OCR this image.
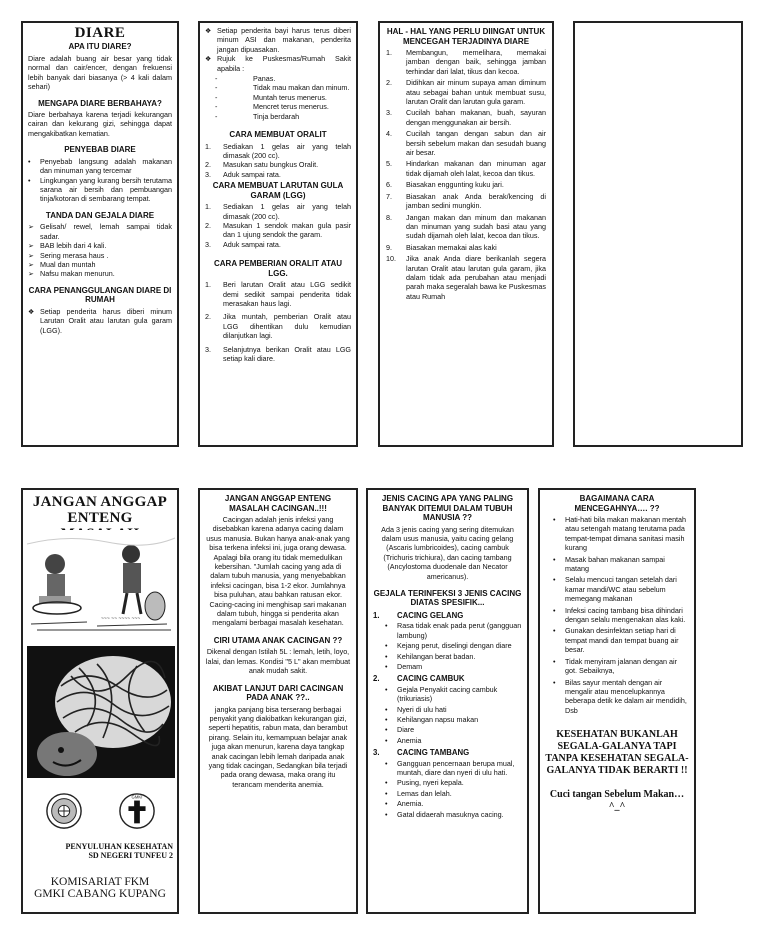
DIARE
APA ITU DIARE?
Diare adalah buang air besar yang tidak normal dan cair/encer, dengan frekuensi lebih banyak dari biasanya (> 4 kali dalam sehari)
MENGAPA DIARE BERBAHAYA?
Diare berbahaya karena terjadi kekurangan cairan dan kekurang gizi, sehingga dapat mengakibatkan kematian.
PENYEBAB DIARE
•	Penyebab langsung adalah makanan dan minuman yang tercemar
•	Lingkungan yang kurang bersih terutama sarana air bersih dan pembuangan tinja/kotoran di sembarang tempat.
TANDA DAN GEJALA DIARE
➢ Gelisah/ rewel, lemah sampai tidak sadar.
➢ BAB lebih dari 4 kali.
➢ Sering merasa haus .
➢ Mual dan muntah
➢ Nafsu makan menurun.
CARA PENANGGULANGAN DIARE DI RUMAH
❖ Setiap penderita harus diberi minum Larutan Oralit atau larutan gula garam (LGG).
❖ Setiap penderita bayi harus terus diberi minum ASI dan makanan, penderita jangan dipuasakan.
❖ Rujuk ke Puskesmas/Rumah Sakit apabila :
-	Panas.
-	Tidak mau makan dan minum.
-	Muntah terus menerus.
-	Mencret terus menerus.
-	Tinja berdarah
CARA MEMBUAT ORALIT
1.	Sediakan 1 gelas air yang telah dimasak (200 cc).
2.	Masukan satu bungkus Oralit.
3.	Aduk sampai rata.
CARA MEMBUAT LARUTAN GULA GARAM (LGG)
1.	Sediakan 1 gelas air yang telah dimasak (200 cc).
2.	Masukan 1 sendok makan gula pasir dan 1 ujung sendok the garam.
3.	Aduk sampai rata.
CARA PEMBERIAN ORALIT ATAU LGG.
1.	Beri larutan Oralit atau LGG sedikit demi sedikit sampai penderita tidak merasakan haus lagi.
2.	Jika muntah, pemberian Oralit atau LGG dihentikan dulu kemudian dilanjutkan lagi.
3.	Selanjutnya berikan Oralit atau LGG setiap kali diare.
HAL - HAL YANG PERLU DIINGAT UNTUK MENCEGAH TERJADINYA DIARE
1.	Membangun, memelihara, memakai jamban dengan baik, sehingga jamban terhindar dari lalat, tikus dan kecoa.
2.	Didihkan air minum supaya aman diminum atau sebagai bahan untuk membuat susu, larutan Oralit dan larutan gula garam.
3.	Cucilah bahan makanan, buah, sayuran dengan menggunakan air bersih.
4.	Cucilah tangan dengan sabun dan air bersih sebelum makan dan sesudah buang air besar.
5.	Hindarkan makanan dan minuman agar tidak dijamah oleh lalat, kecoa dan tikus.
6.	Biasakan enggunting kuku jari.
7.	Biasakan anak Anda berak/kencing di jamban sedini mungkin.
8.	Jangan makan dan minum dan makanan dan minuman yang sudah basi atau yang sudah dijamah oleh lalat, kecoa dan tikus.
9.	Biasakan memakai alas kaki
10.	Jika anak Anda diare berikanlah segera larutan Oralit atau larutan gula garam, jika dalam tidak ada perubahan atau menjadi parah maka segeralah bawa ke Puskesmas atau Rumah
JANGAN ANGGAP ENTENG
~~~ ~~ ~~~~ ~~~
GMKI
PENYULUHAN KESEHATAN
SD NEGERI TUNFEU 2
KOMISARIAT FKM
GMKI CABANG KUPANG
JANGAN ANGGAP ENTENG MASALAH CACINGAN..!!!
Cacingan adalah jenis infeksi yang disebabkan karena adanya cacing dalam usus manusia. Bukan hanya anak-anak yang bisa terkena infeksi ini, juga orang dewasa. Apalagi bila orang itu tidak memedulikan kebersihan. "Jumlah cacing yang ada di dalam tubuh manusia, yang menyebabkan infeksi cacingan, bisa 1-2 ekor. Jumlahnya bisa puluhan, atau bahkan ratusan ekor. Cacing-cacing ini menghisap sari makanan dalam tubuh, hingga si penderita akan mengalami berbagai masalah kesehatan.
CIRI UTAMA ANAK CACINGAN ??
Dikenal dengan Istilah 5L : lemah, letih, loyo, lalai, dan lemas. Kondisi "5 L" akan membuat anak mudah sakit.
AKIBAT LANJUT DARI CACINGAN PADA ANAK ??..
jangka panjang bisa terserang berbagai penyakit yang diakibatkan kekurangan gizi, seperti hepatitis, rabun mata, dan berambut pirang. Selain itu, kemampuan belajar anak juga akan menurun, karena daya tangkap anak cacingan lebih lemah daripada anak yang tidak cacingan, Sedangkan bila terjadi pada orang dewasa, maka orang itu terancam menderita anemia.
JENIS CACING APA YANG PALING BANYAK DITEMUI DALAM TUBUH MANUSIA ??
Ada 3 jenis cacing yang sering ditemukan dalam usus manusia, yaitu cacing gelang (Ascaris lumbricoides), cacing cambuk (Trichuris trichiura), dan cacing tambang (Ancylostoma duodenale dan Necator americanus).
GEJALA TERINFEKSI 3 JENIS CACING DIATAS SPESIFIK...
1.	CACING GELANG
•	Rasa tidak enak pada perut (gangguan lambung)
•	Kejang perut, diselingi dengan diare
•	Kehilangan berat badan.
•	Demam
2.	CACING CAMBUK
•	Gejala Penyakit cacing cambuk (trikuriasis)
•	Nyeri di ulu hati
•	Kehilangan napsu makan
•	Diare
•	Anemia
3.	CACING TAMBANG
•	Gangguan pencernaan berupa mual, muntah, diare dan nyeri di ulu hati.
•	Pusing, nyeri kepala.
•	Lemas dan lelah.
•	Anemia.
•	Gatal didaerah masuknya cacing.
BAGAIMANA CARA MENCEGAHNYA…. ??
•	Hati-hati bila makan makanan mentah atau setengah matang terutama pada tempat-tempat dimana sanitasi masih kurang
•	Masak bahan makanan sampai matang
•	Selalu mencuci tangan setelah dari kamar mandi/WC atau sebelum memegang makanan
•	Infeksi cacing tambang bisa dihindari dengan selalu mengenakan alas kaki.
•	Gunakan desinfektan setiap hari di tempat mandi dan tempat buang air besar.
•	Tidak menyiram jalanan dengan air got. Sebaiknya,
•	Bilas sayur mentah dengan air mengalir atau mencelupkannya beberapa detik ke dalam air mendidih, Dsb
KESEHATAN BUKANLAH SEGALA-GALANYA TAPI TANPA KESEHATAN SEGALA-GALANYA TIDAK BERARTI !!
Cuci tangan Sebelum Makan…^_^
